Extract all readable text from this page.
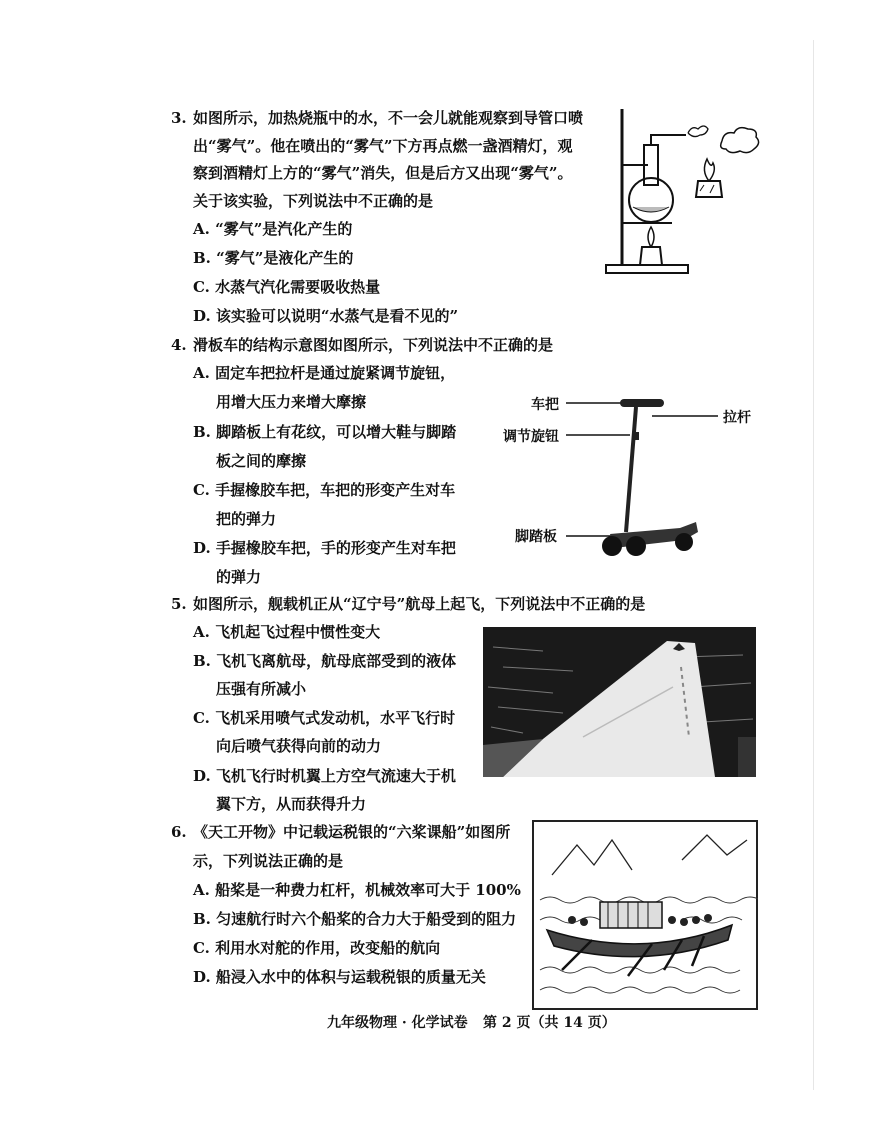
3. 如图所示，加热烧瓶中的水，不一会儿就能观察到导管口喷
出“雾气”。他在喷出的“雾气”下方再点燃一盏酒精灯，观
察到酒精灯上方的“雾气”消失，但是后方又出现“雾气”。
关于该实验，下列说法中不正确的是
A. “雾气”是汽化产生的
B. “雾气”是液化产生的
C. 水蒸气汽化需要吸收热量
D. 该实验可以说明“水蒸气是看不见的”
4. 滑板车的结构示意图如图所示，下列说法中不正确的是
A. 固定车把拉杆是通过旋紧调节旋钮，
用增大压力来增大摩擦
B. 脚踏板上有花纹，可以增大鞋与脚踏
板之间的摩擦
C. 手握橡胶车把，车把的形变产生对车
把的弹力
D. 手握橡胶车把，手的形变产生对车把
的弹力
车把
拉杆
调节旋钮
脚踏板
5. 如图所示，舰载机正从“辽宁号”航母上起飞，下列说法中不正确的是
A. 飞机起飞过程中惯性变大
B. 飞机飞离航母，航母底部受到的液体
压强有所减小
C. 飞机采用喷气式发动机，水平飞行时
向后喷气获得向前的动力
D. 飞机飞行时机翼上方空气流速大于机
翼下方，从而获得升力
6. 《天工开物》中记载运税银的“六桨课船”如图所
示，下列说法正确的是
A. 船桨是一种费力杠杆，机械效率可大于 100%
B. 匀速航行时六个船桨的合力大于船受到的阻力
C. 利用水对舵的作用，改变船的航向
D. 船浸入水中的体积与运载税银的质量无关
九年级物理 · 化学试卷 第 2 页（共 14 页）
